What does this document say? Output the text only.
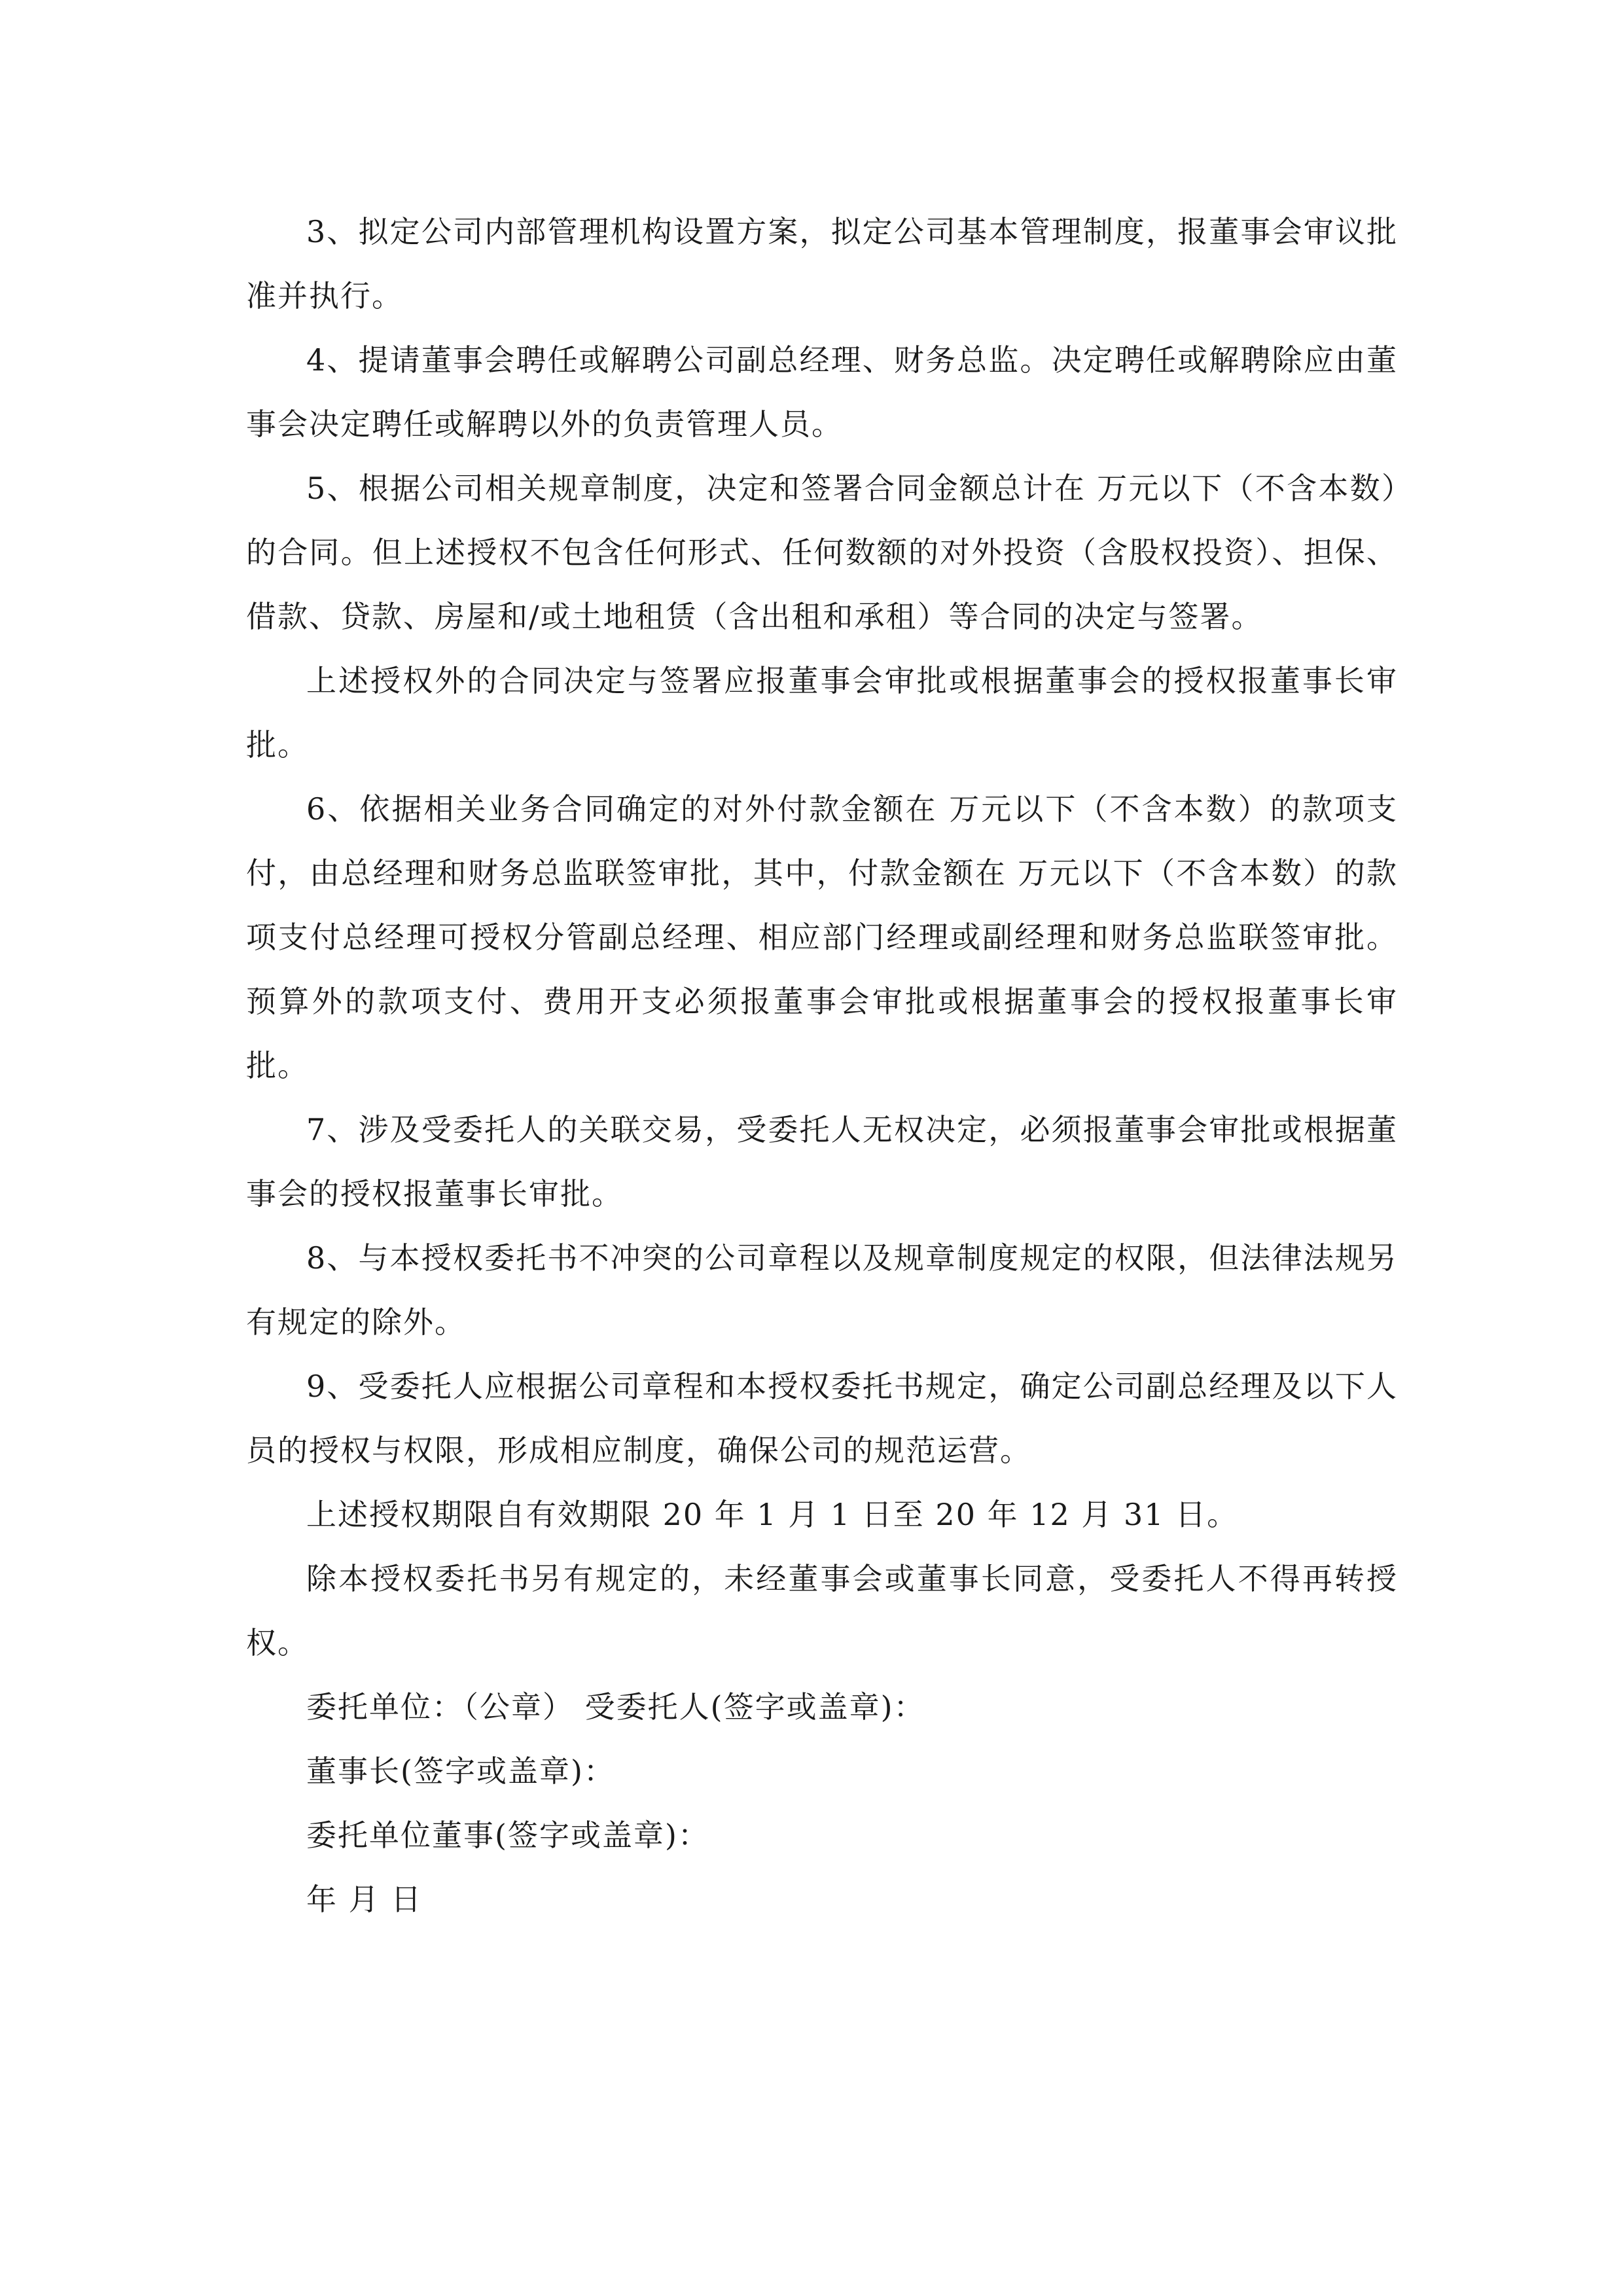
3、拟定公司内部管理机构设置方案，拟定公司基本管理制度，报董事会审议批准并执行。

4、提请董事会聘任或解聘公司副总经理、财务总监。决定聘任或解聘除应由董事会决定聘任或解聘以外的负责管理人员。

5、根据公司相关规章制度，决定和签署合同金额总计在 万元以下（不含本数）的合同。但上述授权不包含任何形式、任何数额的对外投资（含股权投资）、担保、借款、贷款、房屋和/或土地租赁（含出租和承租）等合同的决定与签署。

上述授权外的合同决定与签署应报董事会审批或根据董事会的授权报董事长审批。

6、依据相关业务合同确定的对外付款金额在 万元以下（不含本数）的款项支付，由总经理和财务总监联签审批，其中，付款金额在 万元以下（不含本数）的款项支付总经理可授权分管副总经理、相应部门经理或副经理和财务总监联签审批。预算外的款项支付、费用开支必须报董事会审批或根据董事会的授权报董事长审批。

7、涉及受委托人的关联交易，受委托人无权决定，必须报董事会审批或根据董事会的授权报董事长审批。

8、与本授权委托书不冲突的公司章程以及规章制度规定的权限，但法律法规另有规定的除外。

9、受委托人应根据公司章程和本授权委托书规定，确定公司副总经理及以下人员的授权与权限，形成相应制度，确保公司的规范运营。

上述授权期限自有效期限 20 年 1 月 1 日至 20 年 12 月 31 日。

除本授权委托书另有规定的，未经董事会或董事长同意，受委托人不得再转授权。

委托单位：（公章） 受委托人(签字或盖章)：

董事长(签字或盖章)：

委托单位董事(签字或盖章)：

年 月 日
